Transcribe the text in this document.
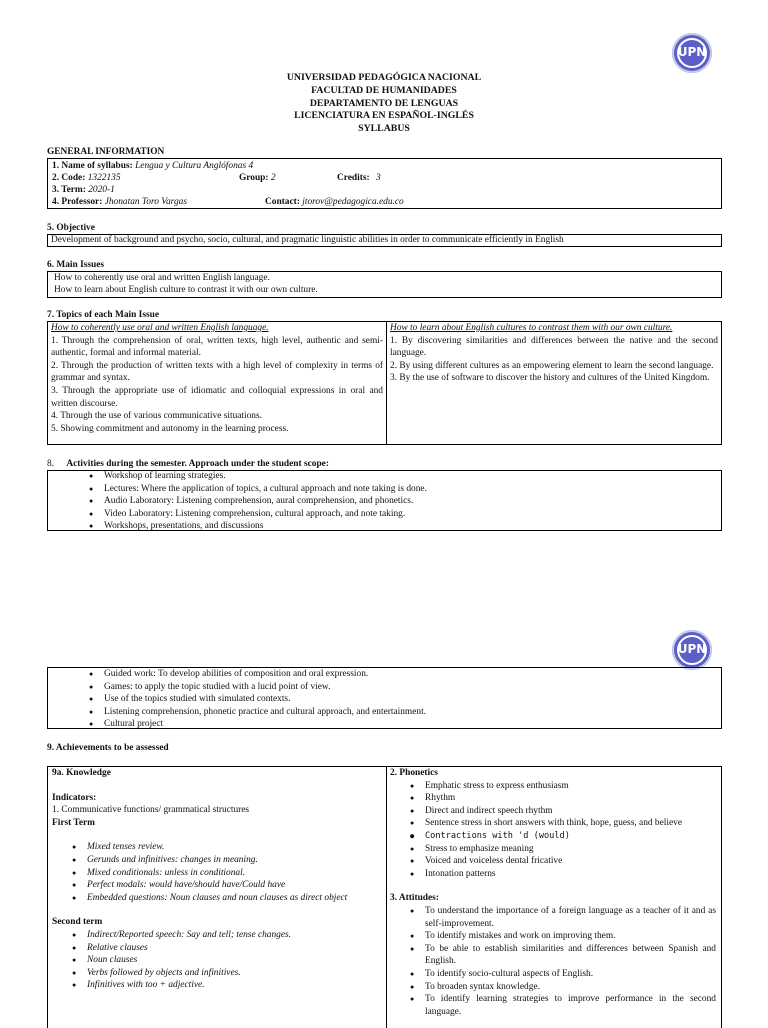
UPN
UPN
UNIVERSIDAD PEDAGÓGICA NACIONAL
FACULTAD DE HUMANIDADES
DEPARTAMENTO DE LENGUAS
LICENCIATURA EN ESPAÑOL-INGLÉS
SYLLABUS
GENERAL INFORMATION
1. Name of syllabus: Lengua y Cultura Anglófonas 4
2. Code: 1322135	Group: 2	Credits: 3
3. Term: 2020-1
4. Professor: Jhonatan Toro Vargas	Contact: jtorov@pedagogica.edu.co
5. Objective
Development of background and psycho, socio, cultural, and pragmatic linguistic abilities in order to communicate efficiently in English
6. Main Issues
How to coherently use oral and written English language.
How to learn about English culture to contrast it with our own culture.
7. Topics of each Main Issue
How to coherently use oral and written English language.
1. Through the comprehension of oral, written texts, high level, authentic and semi-authentic, formal and informal material.
2. Through the production of written texts with a high level of complexity in terms of grammar and syntax.
3. Through the appropriate use of idiomatic and colloquial expressions in oral and written discourse.
4. Through the use of various communicative situations.
5. Showing commitment and autonomy in the learning process.
How to learn about English cultures to contrast them with our own culture.
1. By discovering similarities and differences between the native and the second language.
2. By using different cultures as an empowering element to learn the second language.
3. By the use of software to discover the history and cultures of the United Kingdom.
8. Activities during the semester. Approach under the student scope:
● Workshop of learning strategies.
● Lectures: Where the application of topics, a cultural approach and note taking is done.
● Audio Laboratory: Listening comprehension, aural comprehension, and phonetics.
● Video Laboratory: Listening comprehension, cultural approach, and note taking.
● Workshops, presentations, and discussions
● Guided work: To develop abilities of composition and oral expression.
● Games: to apply the topic studied with a lucid point of view.
● Use of the topics studied with simulated contexts.
● Listening comprehension, phonetic practice and cultural approach, and entertainment.
● Cultural project
9. Achievements to be assessed
9a. Knowledge
Indicators:
1. Communicative functions/ grammatical structures
First Term
● Mixed tenses review.
● Gerunds and infinitives: changes in meaning.
● Mixed conditionals: unless in conditional.
● Perfect modals: would have/should have/Could have
● Embedded questions: Noun clauses and noun clauses as direct object
Second term
● Indirect/Reported speech: Say and tell; tense changes.
● Relative clauses
● Noun clauses
● Verbs followed by objects and infinitives.
● Infinitives with too + adjective.
2. Phonetics
● Emphatic stress to express enthusiasm
● Rhythm
● Direct and indirect speech rhythm
● Sentence stress in short answers with think, hope, guess, and believe
● Contractions with 'd (would)
● Stress to emphasize meaning
● Voiced and voiceless dental fricative
● Intonation patterns
3. Attitudes:
● To understand the importance of a foreign language as a teacher of it and as self-improvement.
● To identify mistakes and work on improving them.
● To be able to establish similarities and differences between Spanish and English.
● To identify socio-cultural aspects of English.
● To broaden syntax knowledge.
● To identify learning strategies to improve performance in the second language.
